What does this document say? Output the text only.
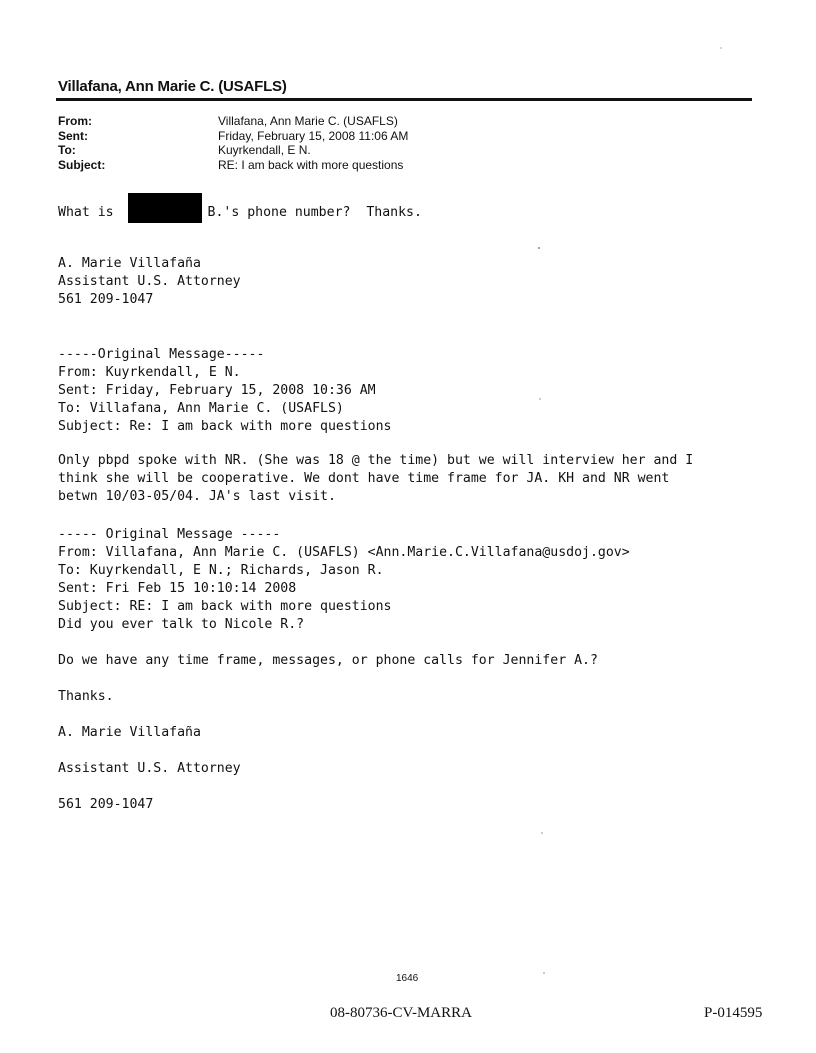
Villafana, Ann Marie C. (USAFLS)
From:	Villafana, Ann Marie C. (USAFLS)
Sent:	Friday, February 15, 2008 11:06 AM
To:	Kuyrkendall, E N.
Subject:	RE: I am back with more questions
What is	B.'s phone number?  Thanks.

A. Marie Villafaña
Assistant U.S. Attorney
561 209-1047

-----Original Message-----
From: Kuyrkendall, E N.
Sent: Friday, February 15, 2008 10:36 AM
To: Villafana, Ann Marie C. (USAFLS)
Subject: Re: I am back with more questions

Only pbpd spoke with NR. (She was 18 @ the time) but we will interview her and I
think she will be cooperative. We dont have time frame for JA. KH and NR went
betwn 10/03-05/04. JA's last visit.

----- Original Message -----
From: Villafana, Ann Marie C. (USAFLS) <Ann.Marie.C.Villafana@usdoj.gov>
To: Kuyrkendall, E N.; Richards, Jason R.
Sent: Fri Feb 15 10:10:14 2008
Subject: RE: I am back with more questions
Did you ever talk to Nicole R.?
Do we have any time frame, messages, or phone calls for Jennifer A.?
Thanks.
A. Marie Villafaña
Assistant U.S. Attorney
561 209-1047
1646
08-80736-CV-MARRA	P-014595
